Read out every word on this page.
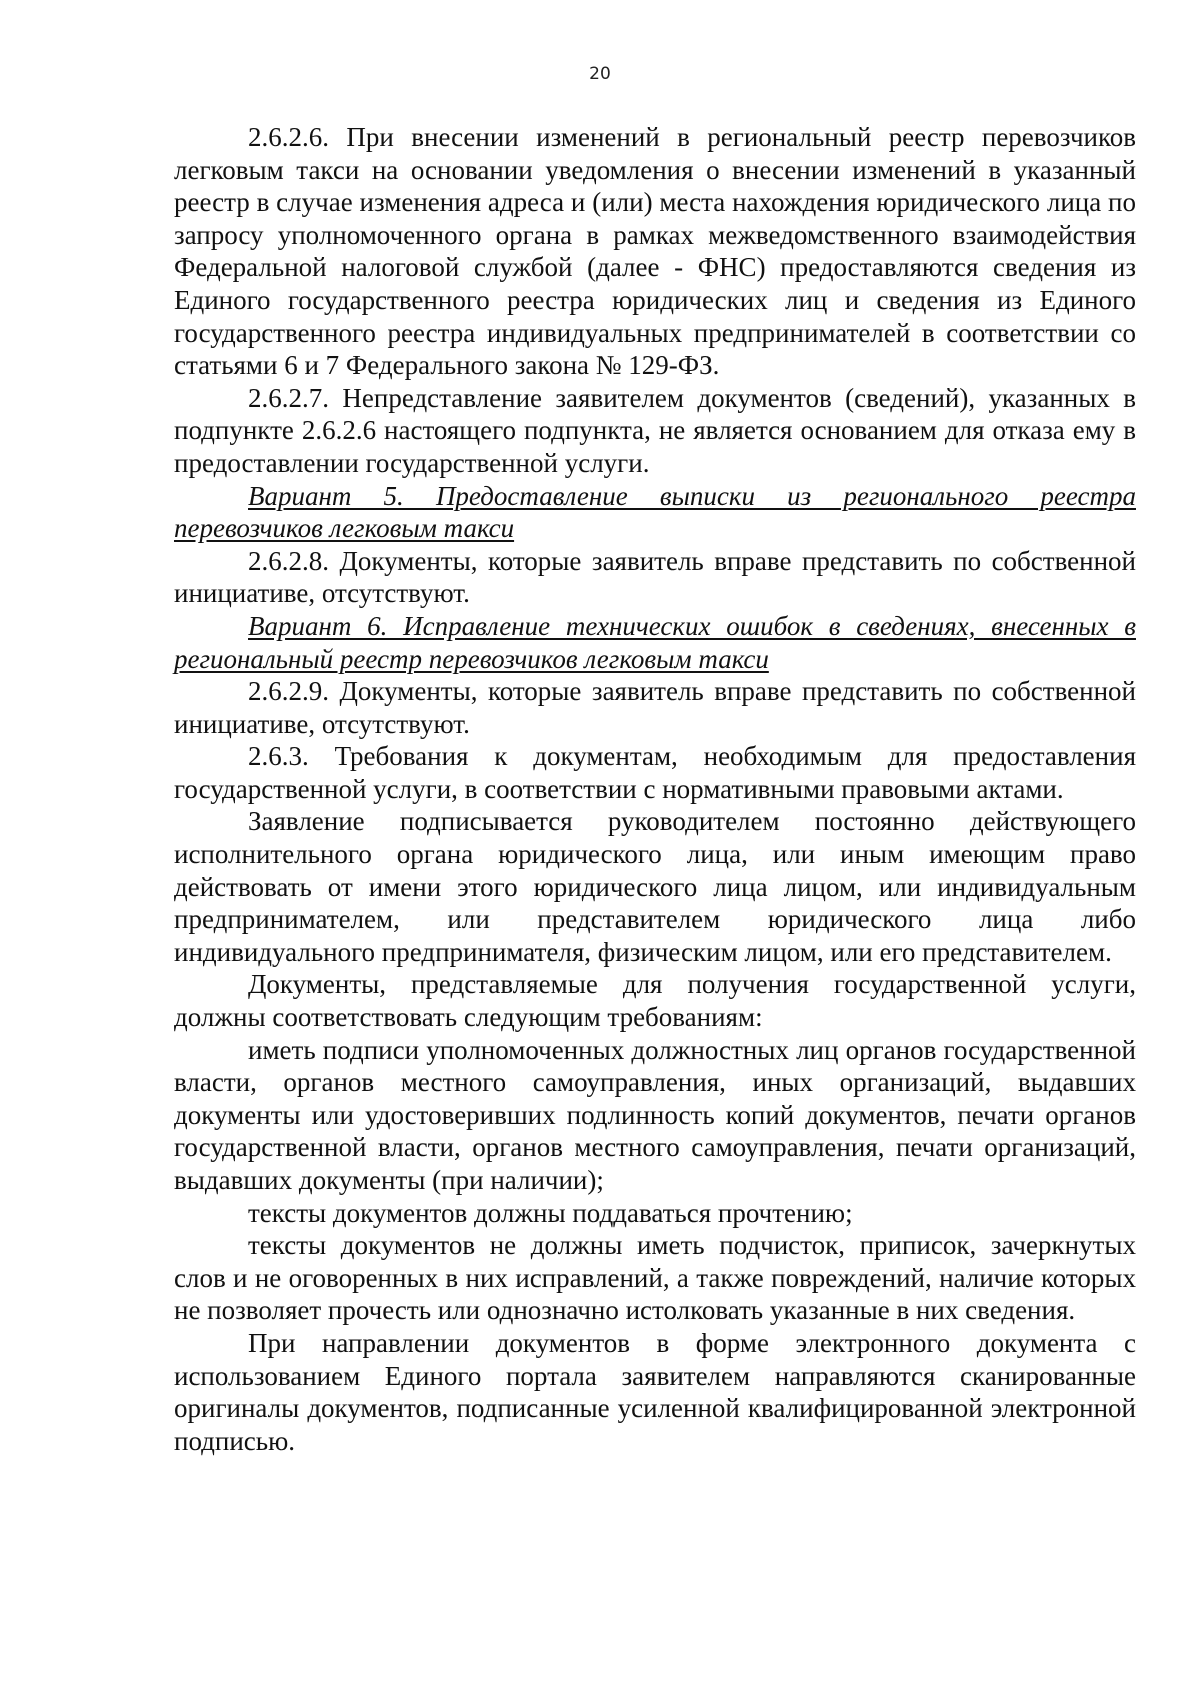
20

2.6.2.6. При внесении изменений в региональный реестр перевозчиков легковым такси на основании уведомления о внесении изменений в указанный реестр в случае изменения адреса и (или) места нахождения юридического лица по запросу уполномоченного органа в рамках межведомственного взаимодействия Федеральной налоговой службой (далее - ФНС) предоставляются сведения из Единого государственного реестра юридических лиц и сведения из Единого государственного реестра индивидуальных предпринимателей в соответствии со статьями 6 и 7 Федерального закона № 129-ФЗ.

2.6.2.7. Непредставление заявителем документов (сведений), указанных в подпункте 2.6.2.6 настоящего подпункта, не является основанием для отказа ему в предоставлении государственной услуги.

Вариант 5. Предоставление выписки из регионального реестра перевозчиков легковым такси

2.6.2.8. Документы, которые заявитель вправе представить по собственной инициативе, отсутствуют.

Вариант 6. Исправление технических ошибок в сведениях, внесенных в региональный реестр перевозчиков легковым такси

2.6.2.9. Документы, которые заявитель вправе представить по собственной инициативе, отсутствуют.

2.6.3. Требования к документам, необходимым для предоставления государственной услуги, в соответствии с нормативными правовыми актами.

Заявление подписывается руководителем постоянно действующего исполнительного органа юридического лица, или иным имеющим право действовать от имени этого юридического лица лицом, или индивидуальным предпринимателем, или представителем юридического лица либо индивидуального предпринимателя, физическим лицом, или его представителем.

Документы, представляемые для получения государственной услуги, должны соответствовать следующим требованиям:

иметь подписи уполномоченных должностных лиц органов государственной власти, органов местного самоуправления, иных организаций, выдавших документы или удостоверивших подлинность копий документов, печати органов государственной власти, органов местного самоуправления, печати организаций, выдавших документы (при наличии);

тексты документов должны поддаваться прочтению;

тексты документов не должны иметь подчисток, приписок, зачеркнутых слов и не оговоренных в них исправлений, а также повреждений, наличие которых не позволяет прочесть или однозначно истолковать указанные в них сведения.

При направлении документов в форме электронного документа с использованием Единого портала заявителем направляются сканированные оригиналы документов, подписанные усиленной квалифицированной электронной подписью.
